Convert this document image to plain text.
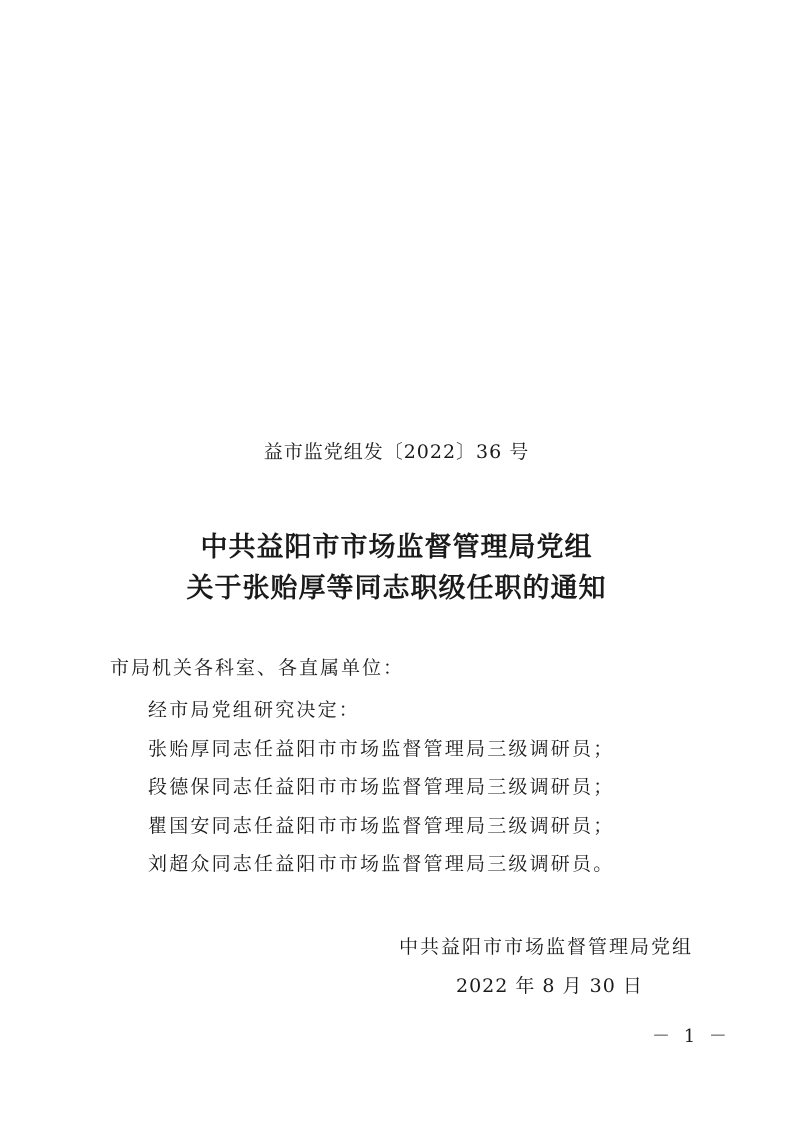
益市监党组发〔2022〕36 号
中共益阳市市场监督管理局党组
关于张贻厚等同志职级任职的通知
市局机关各科室、各直属单位：
经市局党组研究决定：
张贻厚同志任益阳市市场监督管理局三级调研员；
段德保同志任益阳市市场监督管理局三级调研员；
瞿国安同志任益阳市市场监督管理局三级调研员；
刘超众同志任益阳市市场监督管理局三级调研员。
中共益阳市市场监督管理局党组
2022 年 8 月 30 日
－ 1 －
